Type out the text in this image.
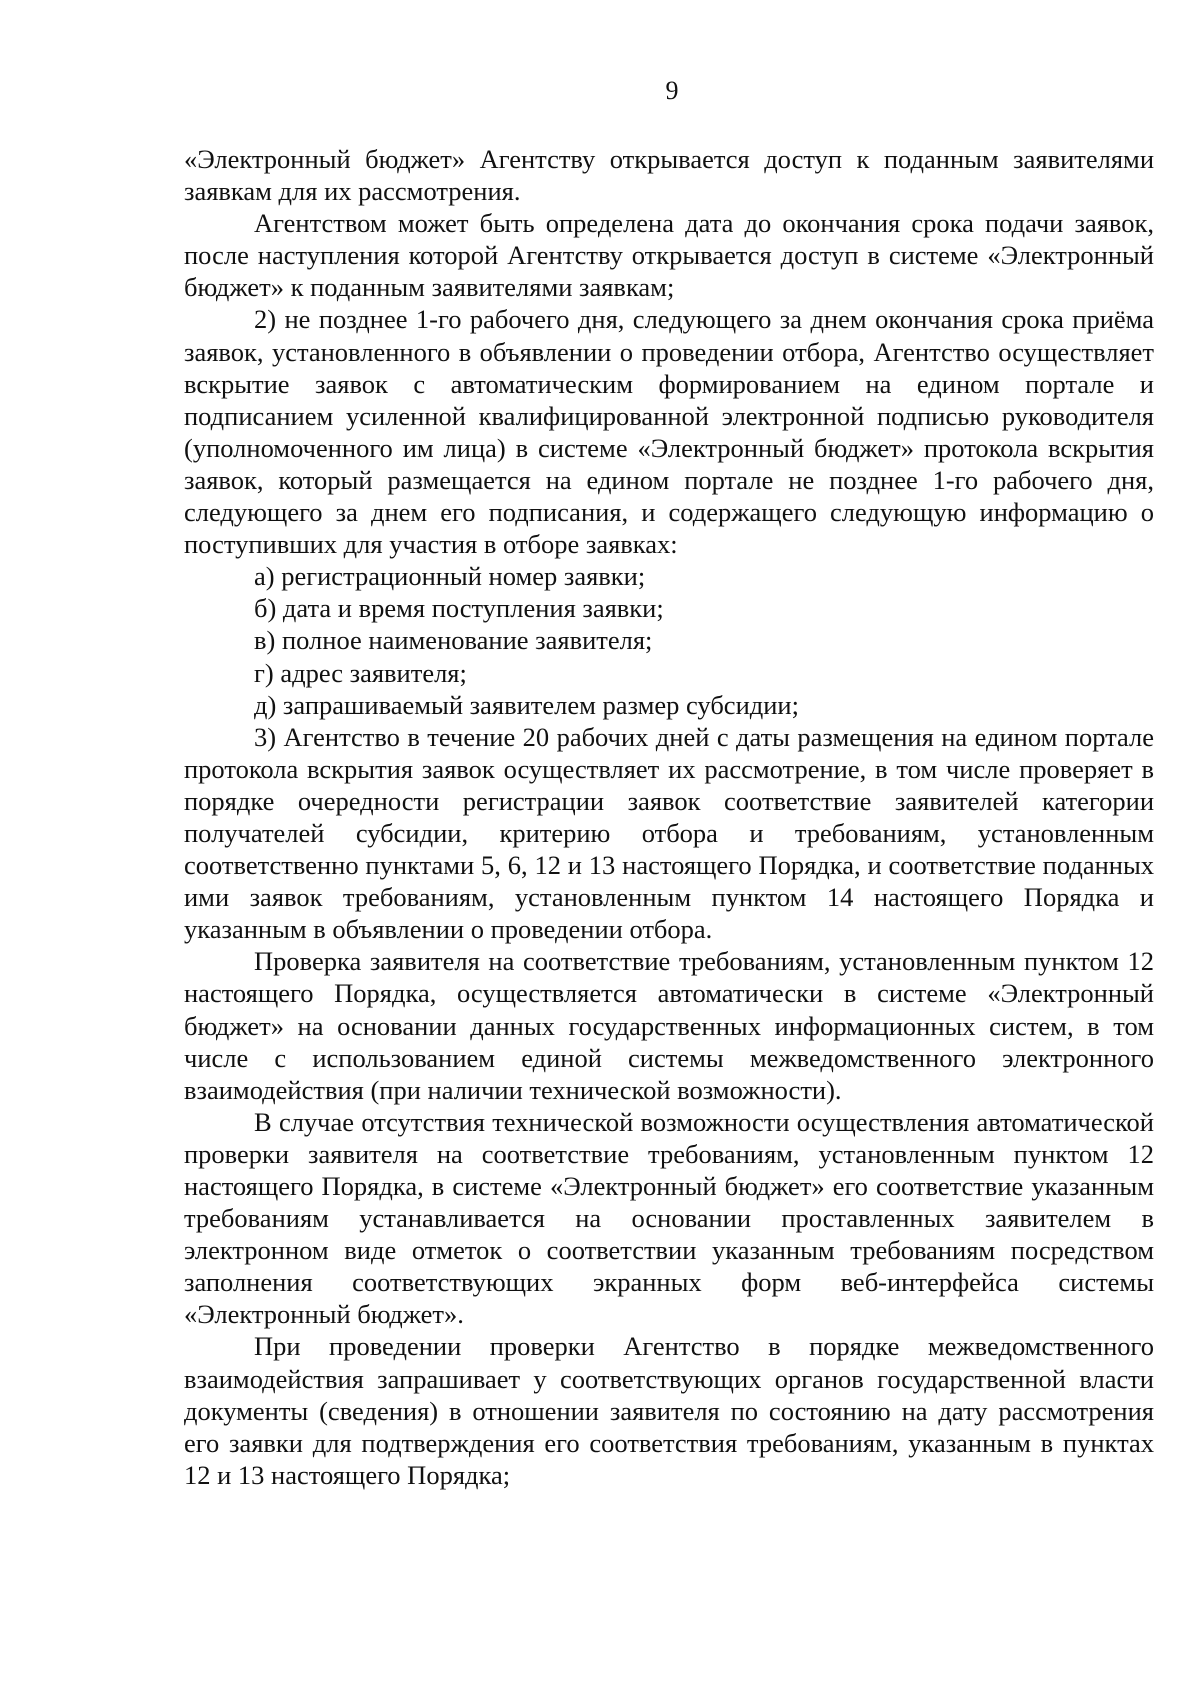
9

«Электронный бюджет» Агентству открывается доступ к поданным заявителями заявкам для их рассмотрения.

Агентством может быть определена дата до окончания срока подачи заявок, после наступления которой Агентству открывается доступ в системе «Электронный бюджет» к поданным заявителями заявкам;

2) не позднее 1-го рабочего дня, следующего за днем окончания срока приёма заявок, установленного в объявлении о проведении отбора, Агентство осуществляет вскрытие заявок с автоматическим формированием на едином портале и подписанием усиленной квалифицированной электронной подписью руководителя (уполномоченного им лица) в системе «Электронный бюджет» протокола вскрытия заявок, который размещается на едином портале не позднее 1-го рабочего дня, следующего за днем его подписания, и содержащего следующую информацию о поступивших для участия в отборе заявках:

а) регистрационный номер заявки;

б) дата и время поступления заявки;

в) полное наименование заявителя;

г) адрес заявителя;

д) запрашиваемый заявителем размер субсидии;

3) Агентство в течение 20 рабочих дней с даты размещения на едином портале протокола вскрытия заявок осуществляет их рассмотрение, в том числе проверяет в порядке очередности регистрации заявок соответствие заявителей категории получателей субсидии, критерию отбора и требованиям, установленным соответственно пунктами 5, 6, 12 и 13 настоящего Порядка, и соответствие поданных ими заявок требованиям, установленным пунктом 14 настоящего Порядка и указанным в объявлении о проведении отбора.

Проверка заявителя на соответствие требованиям, установленным пунктом 12 настоящего Порядка, осуществляется автоматически в системе «Электронный бюджет» на основании данных государственных информационных систем, в том числе с использованием единой системы межведомственного электронного взаимодействия (при наличии технической возможности).

В случае отсутствия технической возможности осуществления автоматической проверки заявителя на соответствие требованиям, установленным пунктом 12 настоящего Порядка, в системе «Электронный бюджет» его соответствие указанным требованиям устанавливается на основании проставленных заявителем в электронном виде отметок о соответствии указанным требованиям посредством заполнения соответствующих экранных форм веб-интерфейса системы «Электронный бюджет».

При проведении проверки Агентство в порядке межведомственного взаимодействия запрашивает у соответствующих органов государственной власти документы (сведения) в отношении заявителя по состоянию на дату рассмотрения его заявки для подтверждения его соответствия требованиям, указанным в пунктах 12 и 13 настоящего Порядка;
